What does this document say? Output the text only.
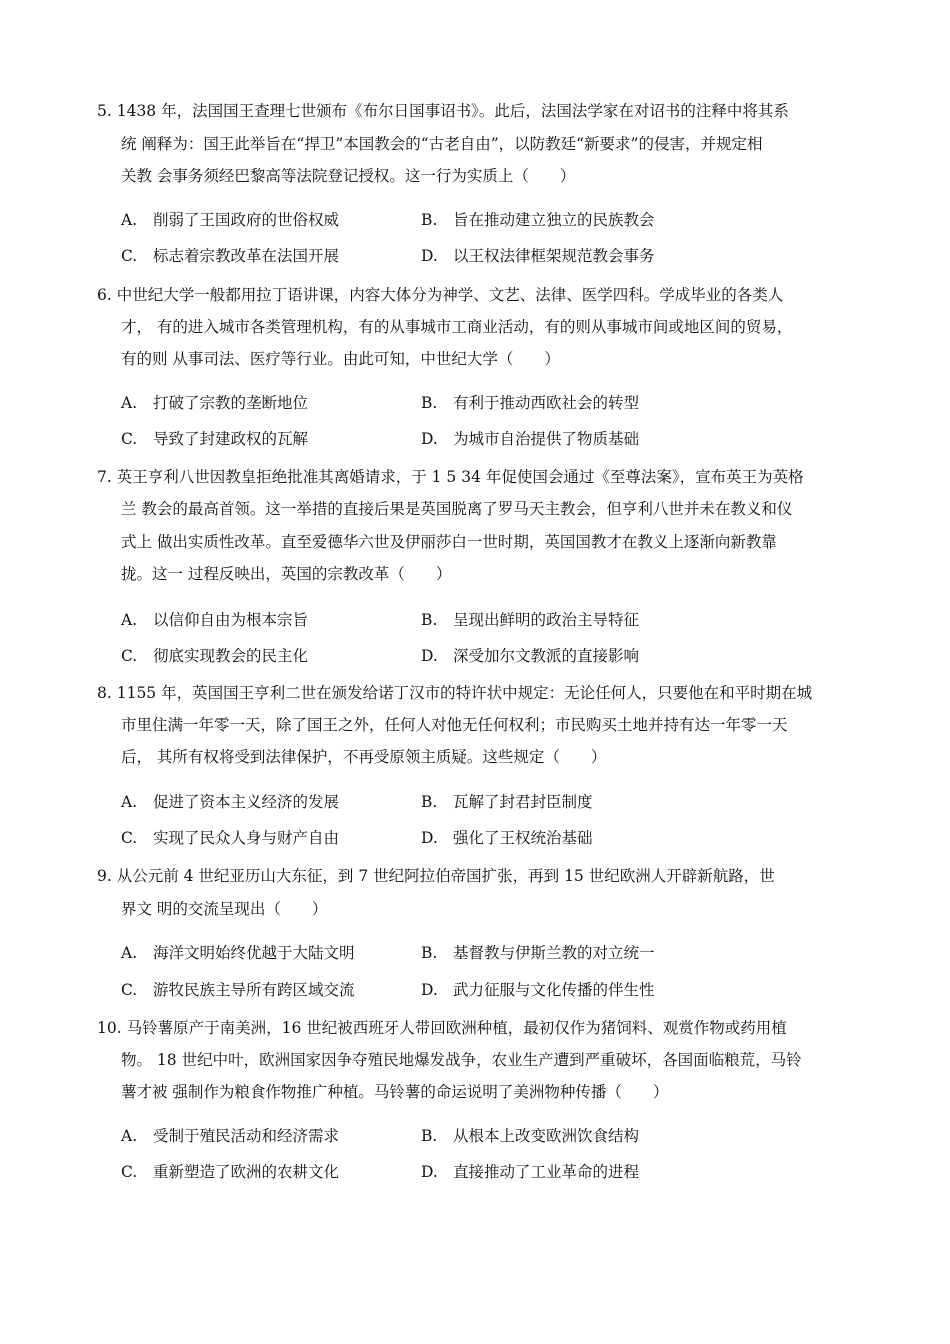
5. 1438 年，法国国王查理七世颁布《布尔日国事诏书》。此后，法国法学家在对诏书的注释中将其系
统 阐释为：国王此举旨在“捍卫”本国教会的“古老自由”，以防教廷“新要求”的侵害，并规定相
关教 会事务须经巴黎高等法院登记授权。这一行为实质上（　　）
A. 削弱了王国政府的世俗权威	B. 旨在推动建立独立的民族教会
C. 标志着宗教改革在法国开展	D. 以王权法律框架规范教会事务
6. 中世纪大学一般都用拉丁语讲课，内容大体分为神学、文艺、法律、医学四科。学成毕业的各类人
才， 有的进入城市各类管理机构，有的从事城市工商业活动，有的则从事城市间或地区间的贸易，
有的则 从事司法、医疗等行业。由此可知，中世纪大学（　　）
A. 打破了宗教的垄断地位	B. 有利于推动西欧社会的转型
C. 导致了封建政权的瓦解	D. 为城市自治提供了物质基础
7. 英王亨利八世因教皇拒绝批准其离婚请求，于 1 5 34 年促使国会通过《至尊法案》，宣布英王为英格
兰 教会的最高首领。这一举措的直接后果是英国脱离了罗马天主教会，但亨利八世并未在教义和仪
式上 做出实质性改革。直至爱德华六世及伊丽莎白一世时期，英国国教才在教义上逐渐向新教靠
拢。这一 过程反映出，英国的宗教改革（　　）
A. 以信仰自由为根本宗旨	B. 呈现出鲜明的政治主导特征
C. 彻底实现教会的民主化	D. 深受加尔文教派的直接影响
8. 1155 年，英国国王亨利二世在颁发给诺丁汉市的特许状中规定：无论任何人，只要他在和平时期在城
市里住满一年零一天，除了国王之外，任何人对他无任何权利；市民购买土地并持有达一年零一天
后， 其所有权将受到法律保护，不再受原领主质疑。这些规定（　　）
A. 促进了资本主义经济的发展	B. 瓦解了封君封臣制度
C. 实现了民众人身与财产自由	D. 强化了王权统治基础
9. 从公元前 4 世纪亚历山大东征，到 7 世纪阿拉伯帝国扩张，再到 15 世纪欧洲人开辟新航路，世
界文 明的交流呈现出（　　）
A. 海洋文明始终优越于大陆文明	B. 基督教与伊斯兰教的对立统一
C. 游牧民族主导所有跨区域交流	D. 武力征服与文化传播的伴生性
10. 马铃薯原产于南美洲，16 世纪被西班牙人带回欧洲种植，最初仅作为猪饲料、观赏作物或药用植
物。 18 世纪中叶，欧洲国家因争夺殖民地爆发战争，农业生产遭到严重破坏，各国面临粮荒，马铃
薯才被 强制作为粮食作物推广种植。马铃薯的命运说明了美洲物种传播（　　）
A. 受制于殖民活动和经济需求	B. 从根本上改变欧洲饮食结构
C. 重新塑造了欧洲的农耕文化	D. 直接推动了工业革命的进程
